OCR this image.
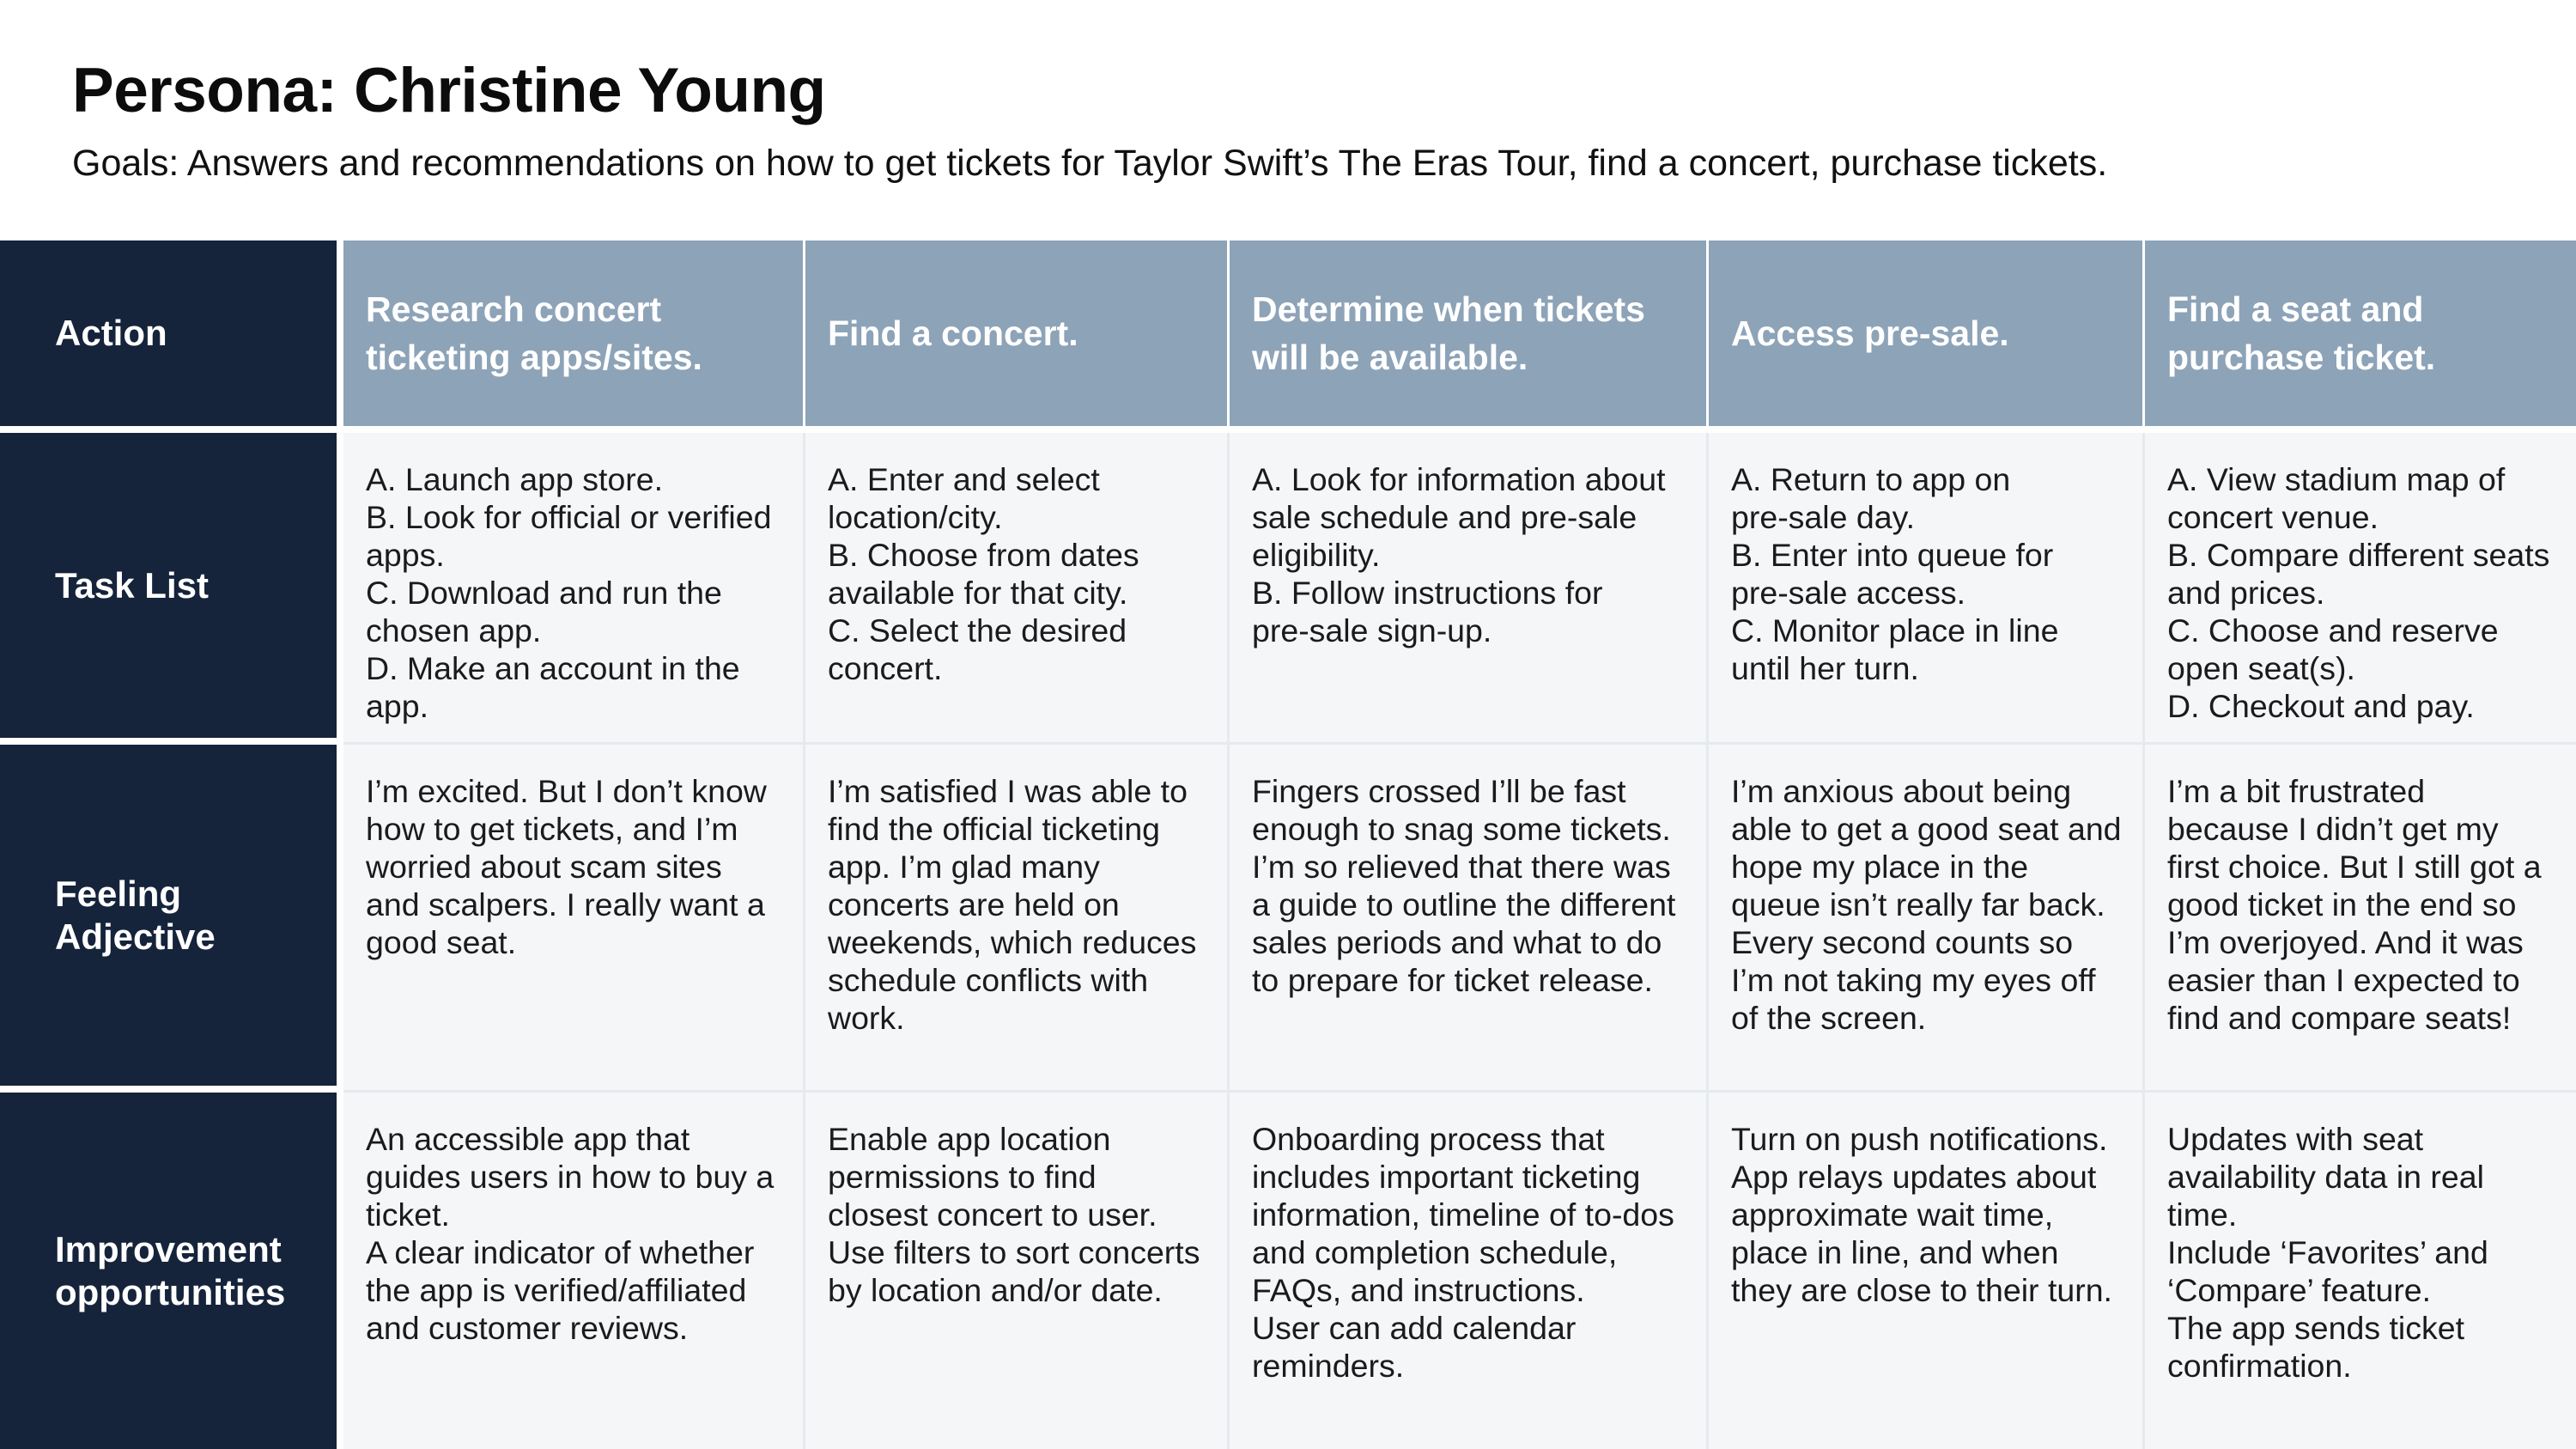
Persona: Christine Young

Goals: Answers and recommendations on how to get tickets for Taylor Swift’s The Eras Tour, find a concert, purchase tickets.

Action
Research concert
ticketing apps/sites.
Find a concert.
Determine when tickets
will be available.
Access pre-sale.
Find a seat and
purchase ticket.
Task List

A. Launch app store.
B. Look for official or verified
apps.
C. Download and run the
chosen app.
D. Make an account in the
app.

A. Enter and select
location/city.
B. Choose from dates
available for that city.
C. Select the desired
concert.

A. Look for information about
sale schedule and pre-sale
eligibility.
B. Follow instructions for
pre-sale sign-up.

A. Return to app on
pre-sale day.
B. Enter into queue for
pre-sale access.
C. Monitor place in line
until her turn.

A. View stadium map of
concert venue.
B. Compare different seats
and prices.
C. Choose and reserve
open seat(s).
D. Checkout and pay.

Feeling
Adjective

I’m excited. But I don’t know
how to get tickets, and I’m
worried about scam sites
and scalpers. I really want a
good seat.

I’m satisfied I was able to
find the official ticketing
app. I’m glad many
concerts are held on
weekends, which reduces
schedule conflicts with
work.

Fingers crossed I’ll be fast
enough to snag some tickets.
I’m so relieved that there was
a guide to outline the different
sales periods and what to do
to prepare for ticket release.

I’m anxious about being
able to get a good seat and
hope my place in the
queue isn’t really far back.
Every second counts so
I’m not taking my eyes off
of the screen.

I’m a bit frustrated
because I didn’t get my
first choice. But I still got a
good ticket in the end so
I’m overjoyed. And it was
easier than I expected to
find and compare seats!

Improvement
opportunities

An accessible app that
guides users in how to buy a
ticket.
A clear indicator of whether
the app is verified/affiliated
and customer reviews.

Enable app location
permissions to find
closest concert to user.
Use filters to sort concerts
by location and/or date.

Onboarding process that
includes important ticketing
information, timeline of to-dos
and completion schedule,
FAQs, and instructions.
User can add calendar
reminders.

Turn on push notifications.
App relays updates about
approximate wait time,
place in line, and when
they are close to their turn.

Updates with seat
availability data in real
time.
Include ‘Favorites’ and
‘Compare’ feature.
The app sends ticket
confirmation.
